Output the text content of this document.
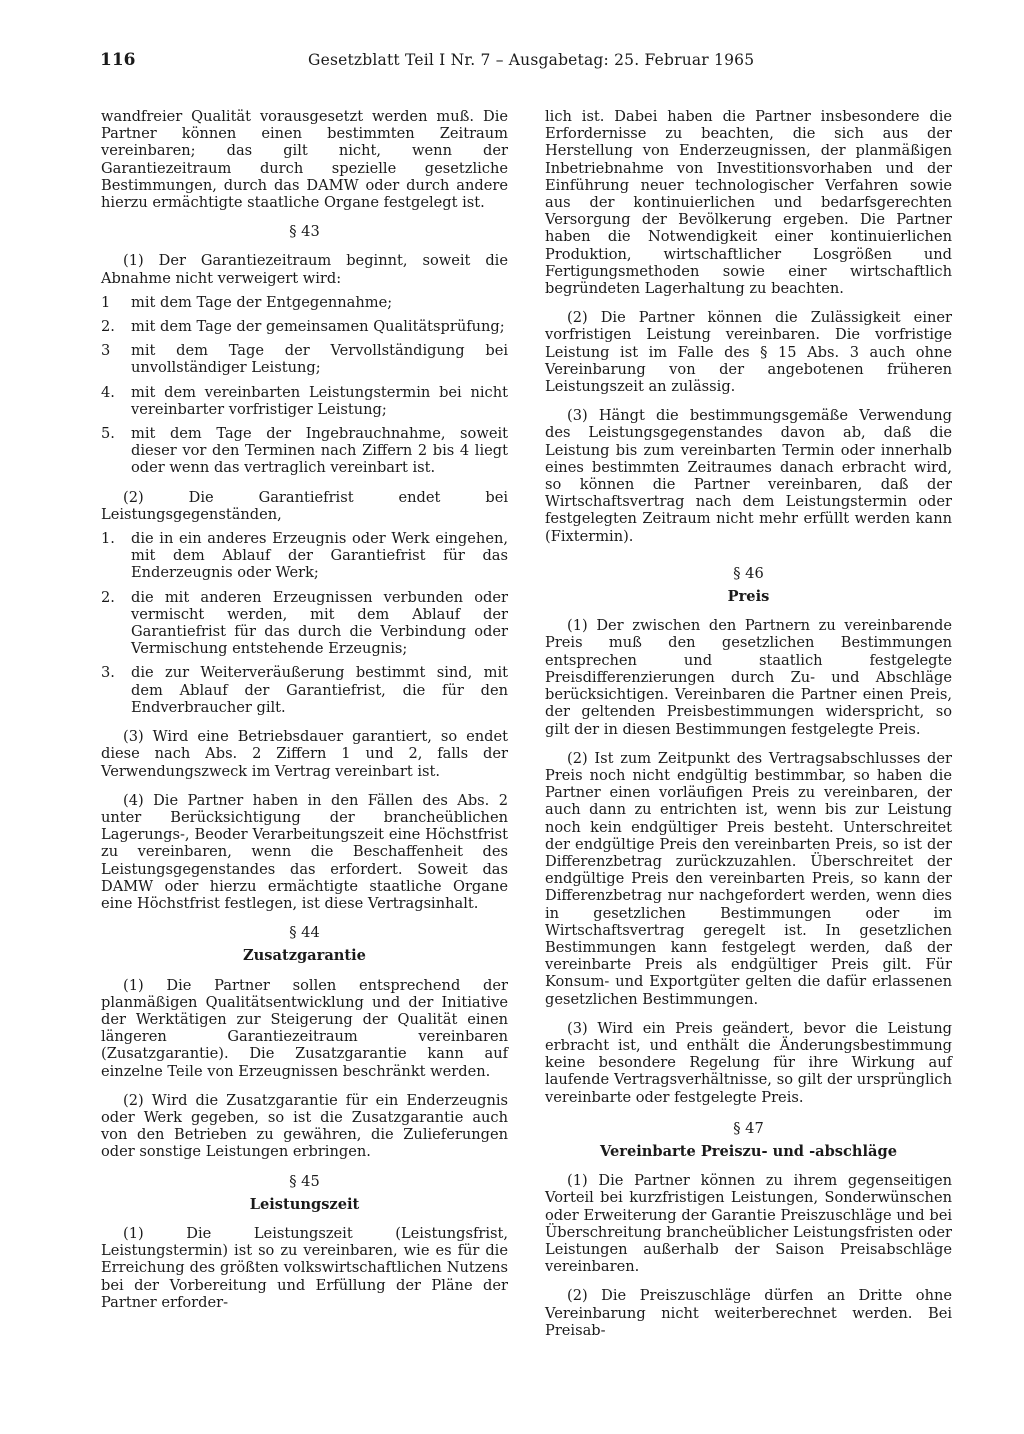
116	Gesetzblatt Teil I Nr. 7 – Ausgabetag: 25. Februar 1965

wandfreier Qualität vorausgesetzt werden muß. Die Partner können einen bestimmten Zeitraum vereinbaren; das gilt nicht, wenn der Garantiezeitraum durch spezielle gesetzliche Bestimmungen, durch das DAMW oder durch andere hierzu ermächtigte staatliche Organe festgelegt ist.

§ 43

(1) Der Garantiezeitraum beginnt, soweit die Abnahme nicht verweigert wird:

1	mit dem Tage der Entgegennahme;
2.	mit dem Tage der gemeinsamen Qualitätsprüfung;
3	mit dem Tage der Vervollständigung bei unvollständiger Leistung;
4.	mit dem vereinbarten Leistungstermin bei nicht vereinbarter vorfristiger Leistung;
5.	mit dem Tage der Ingebrauchnahme, soweit dieser vor den Terminen nach Ziffern 2 bis 4 liegt oder wenn das vertraglich vereinbart ist.

(2) Die Garantiefrist endet bei Leistungsgegenständen,

1.	die in ein anderes Erzeugnis oder Werk eingehen, mit dem Ablauf der Garantiefrist für das Enderzeugnis oder Werk;
2.	die mit anderen Erzeugnissen verbunden oder vermischt werden, mit dem Ablauf der Garantiefrist für das durch die Verbindung oder Vermischung entstehende Erzeugnis;
3.	die zur Weiterveräußerung bestimmt sind, mit dem Ablauf der Garantiefrist, die für den Endverbraucher gilt.

(3) Wird eine Betriebsdauer garantiert, so endet diese nach Abs. 2 Ziffern 1 und 2, falls der Verwendungszweck im Vertrag vereinbart ist.

(4) Die Partner haben in den Fällen des Abs. 2 unter Berücksichtigung der brancheüblichen Lagerungs-, Beoder Verarbeitungszeit eine Höchstfrist zu vereinbaren, wenn die Beschaffenheit des Leistungsgegenstandes das erfordert. Soweit das DAMW oder hierzu ermächtigte staatliche Organe eine Höchstfrist festlegen, ist diese Vertragsinhalt.

§ 44
Zusatzgarantie

(1) Die Partner sollen entsprechend der planmäßigen Qualitätsentwicklung und der Initiative der Werktätigen zur Steigerung der Qualität einen längeren Garantiezeitraum vereinbaren (Zusatzgarantie). Die Zusatzgarantie kann auf einzelne Teile von Erzeugnissen beschränkt werden.

(2) Wird die Zusatzgarantie für ein Enderzeugnis oder Werk gegeben, so ist die Zusatzgarantie auch von den Betrieben zu gewähren, die Zulieferungen oder sonstige Leistungen erbringen.

§ 45
Leistungszeit

(1) Die Leistungszeit (Leistungsfrist, Leistungstermin) ist so zu vereinbaren, wie es für die Erreichung des größten volkswirtschaftlichen Nutzens bei der Vorbereitung und Erfüllung der Pläne der Partner erforder-

lich ist. Dabei haben die Partner insbesondere die Erfordernisse zu beachten, die sich aus der Herstellung von Enderzeugnissen, der planmäßigen Inbetriebnahme von Investitionsvorhaben und der Einführung neuer technologischer Verfahren sowie aus der kontinuierlichen und bedarfsgerechten Versorgung der Bevölkerung ergeben. Die Partner haben die Notwendigkeit einer kontinuierlichen Produktion, wirtschaftlicher Losgrößen und Fertigungsmethoden sowie einer wirtschaftlich begründeten Lagerhaltung zu beachten.

(2) Die Partner können die Zulässigkeit einer vorfristigen Leistung vereinbaren. Die vorfristige Leistung ist im Falle des § 15 Abs. 3 auch ohne Vereinbarung von der angebotenen früheren Leistungszeit an zulässig.

(3) Hängt die bestimmungsgemäße Verwendung des Leistungsgegenstandes davon ab, daß die Leistung bis zum vereinbarten Termin oder innerhalb eines bestimmten Zeitraumes danach erbracht wird, so können die Partner vereinbaren, daß der Wirtschaftsvertrag nach dem Leistungstermin oder festgelegten Zeitraum nicht mehr erfüllt werden kann (Fixtermin).

§ 46
Preis

(1) Der zwischen den Partnern zu vereinbarende Preis muß den gesetzlichen Bestimmungen entsprechen und staatlich festgelegte Preisdifferenzierungen durch Zu- und Abschläge berücksichtigen. Vereinbaren die Partner einen Preis, der geltenden Preisbestimmungen widerspricht, so gilt der in diesen Bestimmungen festgelegte Preis.

(2) Ist zum Zeitpunkt des Vertragsabschlusses der Preis noch nicht endgültig bestimmbar, so haben die Partner einen vorläufigen Preis zu vereinbaren, der auch dann zu entrichten ist, wenn bis zur Leistung noch kein endgültiger Preis besteht. Unterschreitet der endgültige Preis den vereinbarten Preis, so ist der Differenzbetrag zurückzuzahlen. Überschreitet der endgültige Preis den vereinbarten Preis, so kann der Differenzbetrag nur nachgefordert werden, wenn dies in gesetzlichen Bestimmungen oder im Wirtschaftsvertrag geregelt ist. In gesetzlichen Bestimmungen kann festgelegt werden, daß der vereinbarte Preis als endgültiger Preis gilt. Für Konsum- und Exportgüter gelten die dafür erlassenen gesetzlichen Bestimmungen.

(3) Wird ein Preis geändert, bevor die Leistung erbracht ist, und enthält die Änderungsbestimmung keine besondere Regelung für ihre Wirkung auf laufende Vertragsverhältnisse, so gilt der ursprünglich vereinbarte oder festgelegte Preis.

§ 47
Vereinbarte Preiszu- und -abschläge

(1) Die Partner können zu ihrem gegenseitigen Vorteil bei kurzfristigen Leistungen, Sonderwünschen oder Erweiterung der Garantie Preiszuschläge und bei Überschreitung brancheüblicher Leistungsfristen oder Leistungen außerhalb der Saison Preisabschläge vereinbaren.

(2) Die Preiszuschläge dürfen an Dritte ohne Vereinbarung nicht weiterberechnet werden. Bei Preisab-
